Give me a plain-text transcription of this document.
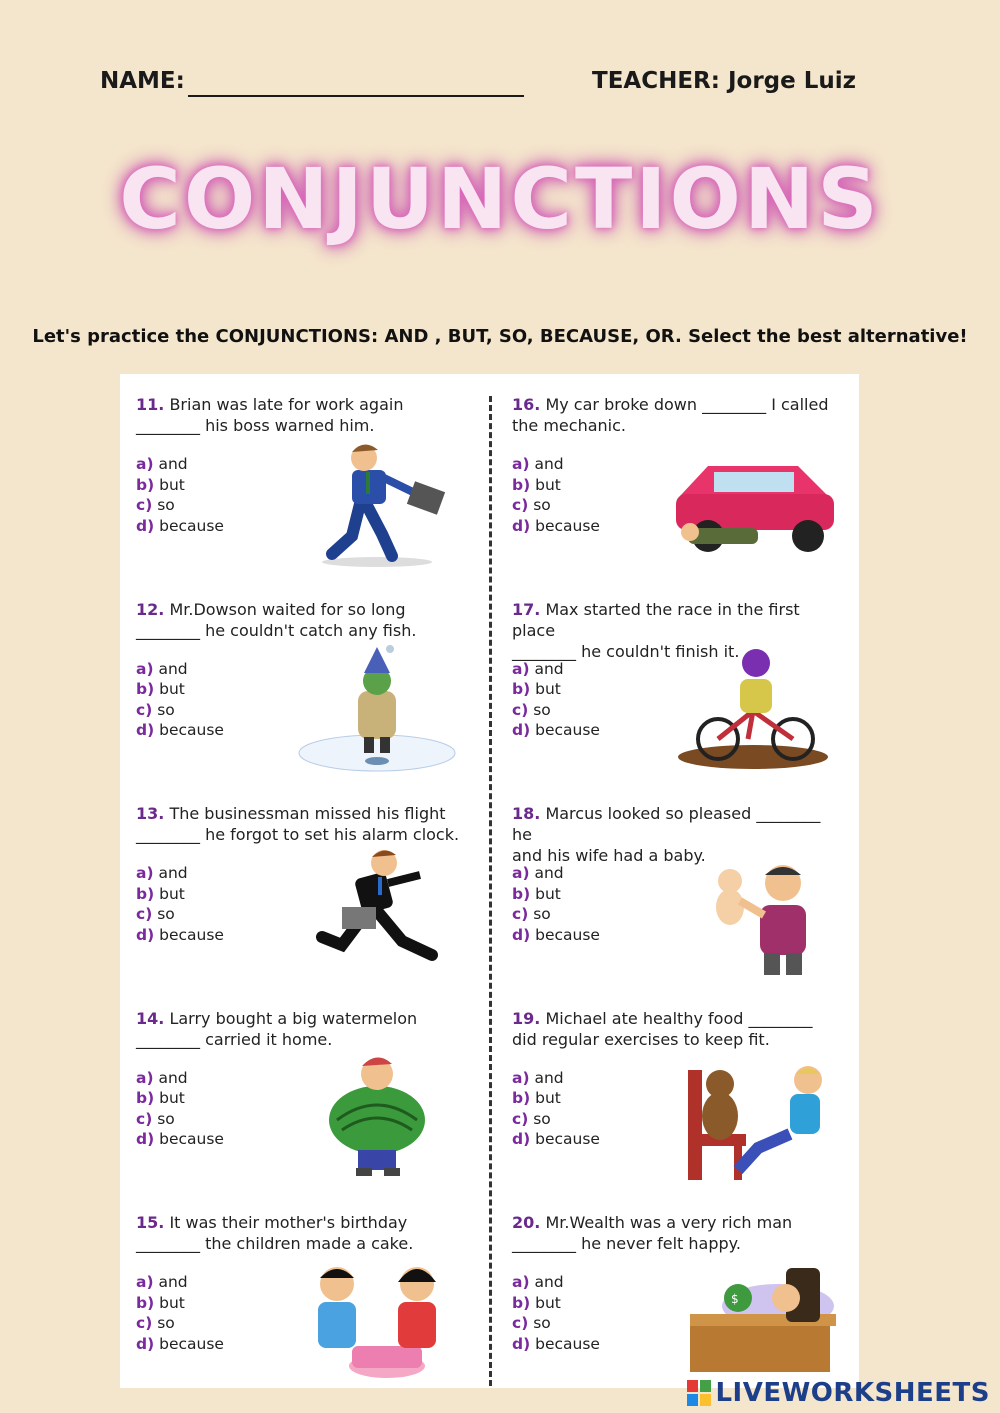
NAME:	TEACHER: Jorge Luiz
CONJUNCTIONS

Let's practice the CONJUNCTIONS: AND , BUT, SO, BECAUSE, OR. Select the best alternative!

11. Brian was late for work again
________ his boss warned him.
a) and
b) but
c) so
d) because
12. Mr.Dowson waited for so long
________ he couldn't catch any fish.
a) and
b) but
c) so
d) because
13. The businessman missed his flight
________ he forgot to set his alarm clock.
a) and
b) but
c) so
d) because
14. Larry bought a big watermelon
________ carried it home.
a) and
b) but
c) so
d) because
15. It was their mother's birthday
________ the children made a cake.
a) and
b) but
c) so
d) because
16. My car broke down ________ I called
the mechanic.
a) and
b) but
c) so
d) because
17. Max started the race in the first place
________ he couldn't finish it.
a) and
b) but
c) so
d) because
18. Marcus looked so pleased ________ he
and his wife had a baby.
a) and
b) but
c) so
d) because
19. Michael ate healthy food ________
did regular exercises to keep fit.
a) and
b) but
c) so
d) because
20. Mr.Wealth was a very rich man
________ he never felt happy.
a) and
b) but
c) so
d) because
$
LIVEWORKSHEETS
